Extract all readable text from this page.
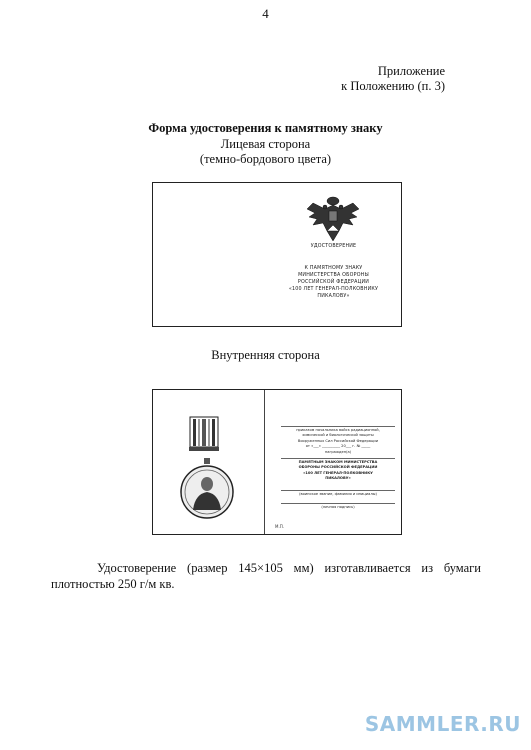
4
Приложение
к Положению (п. 3)
Форма удостоверения к памятному знаку
Лицевая сторона
(темно-бордового цвета)
УДОСТОВЕРЕНИЕ
К ПАМЯТНОМУ ЗНАКУ
МИНИСТЕРСТВА ОБОРОНЫ
РОССИЙСКОЙ ФЕДЕРАЦИИ
«100 ЛЕТ ГЕНЕРАЛ-ПОЛКОВНИКУ
ПИКАЛОВУ»
Внутренняя сторона
приказом начальника войск радиационной,
химической и биологической защиты
Вооруженных Сил Российской Федерации
от «___» __________ 20___ г. № _____
награжден(а)
ПАМЯТНЫМ ЗНАКОМ МИНИСТЕРСТВА
ОБОРОНЫ РОССИЙСКОЙ ФЕДЕРАЦИИ
«100 ЛЕТ ГЕНЕРАЛ-ПОЛКОВНИКУ
ПИКАЛОВУ»
(воинское звание, фамилия и инициалы)
(личная подпись)
М.П.
Удостоверение (размер 145×105 мм) изготавливается из бумаги плотностью 250 г/м кв.
SAMMLER.RU
